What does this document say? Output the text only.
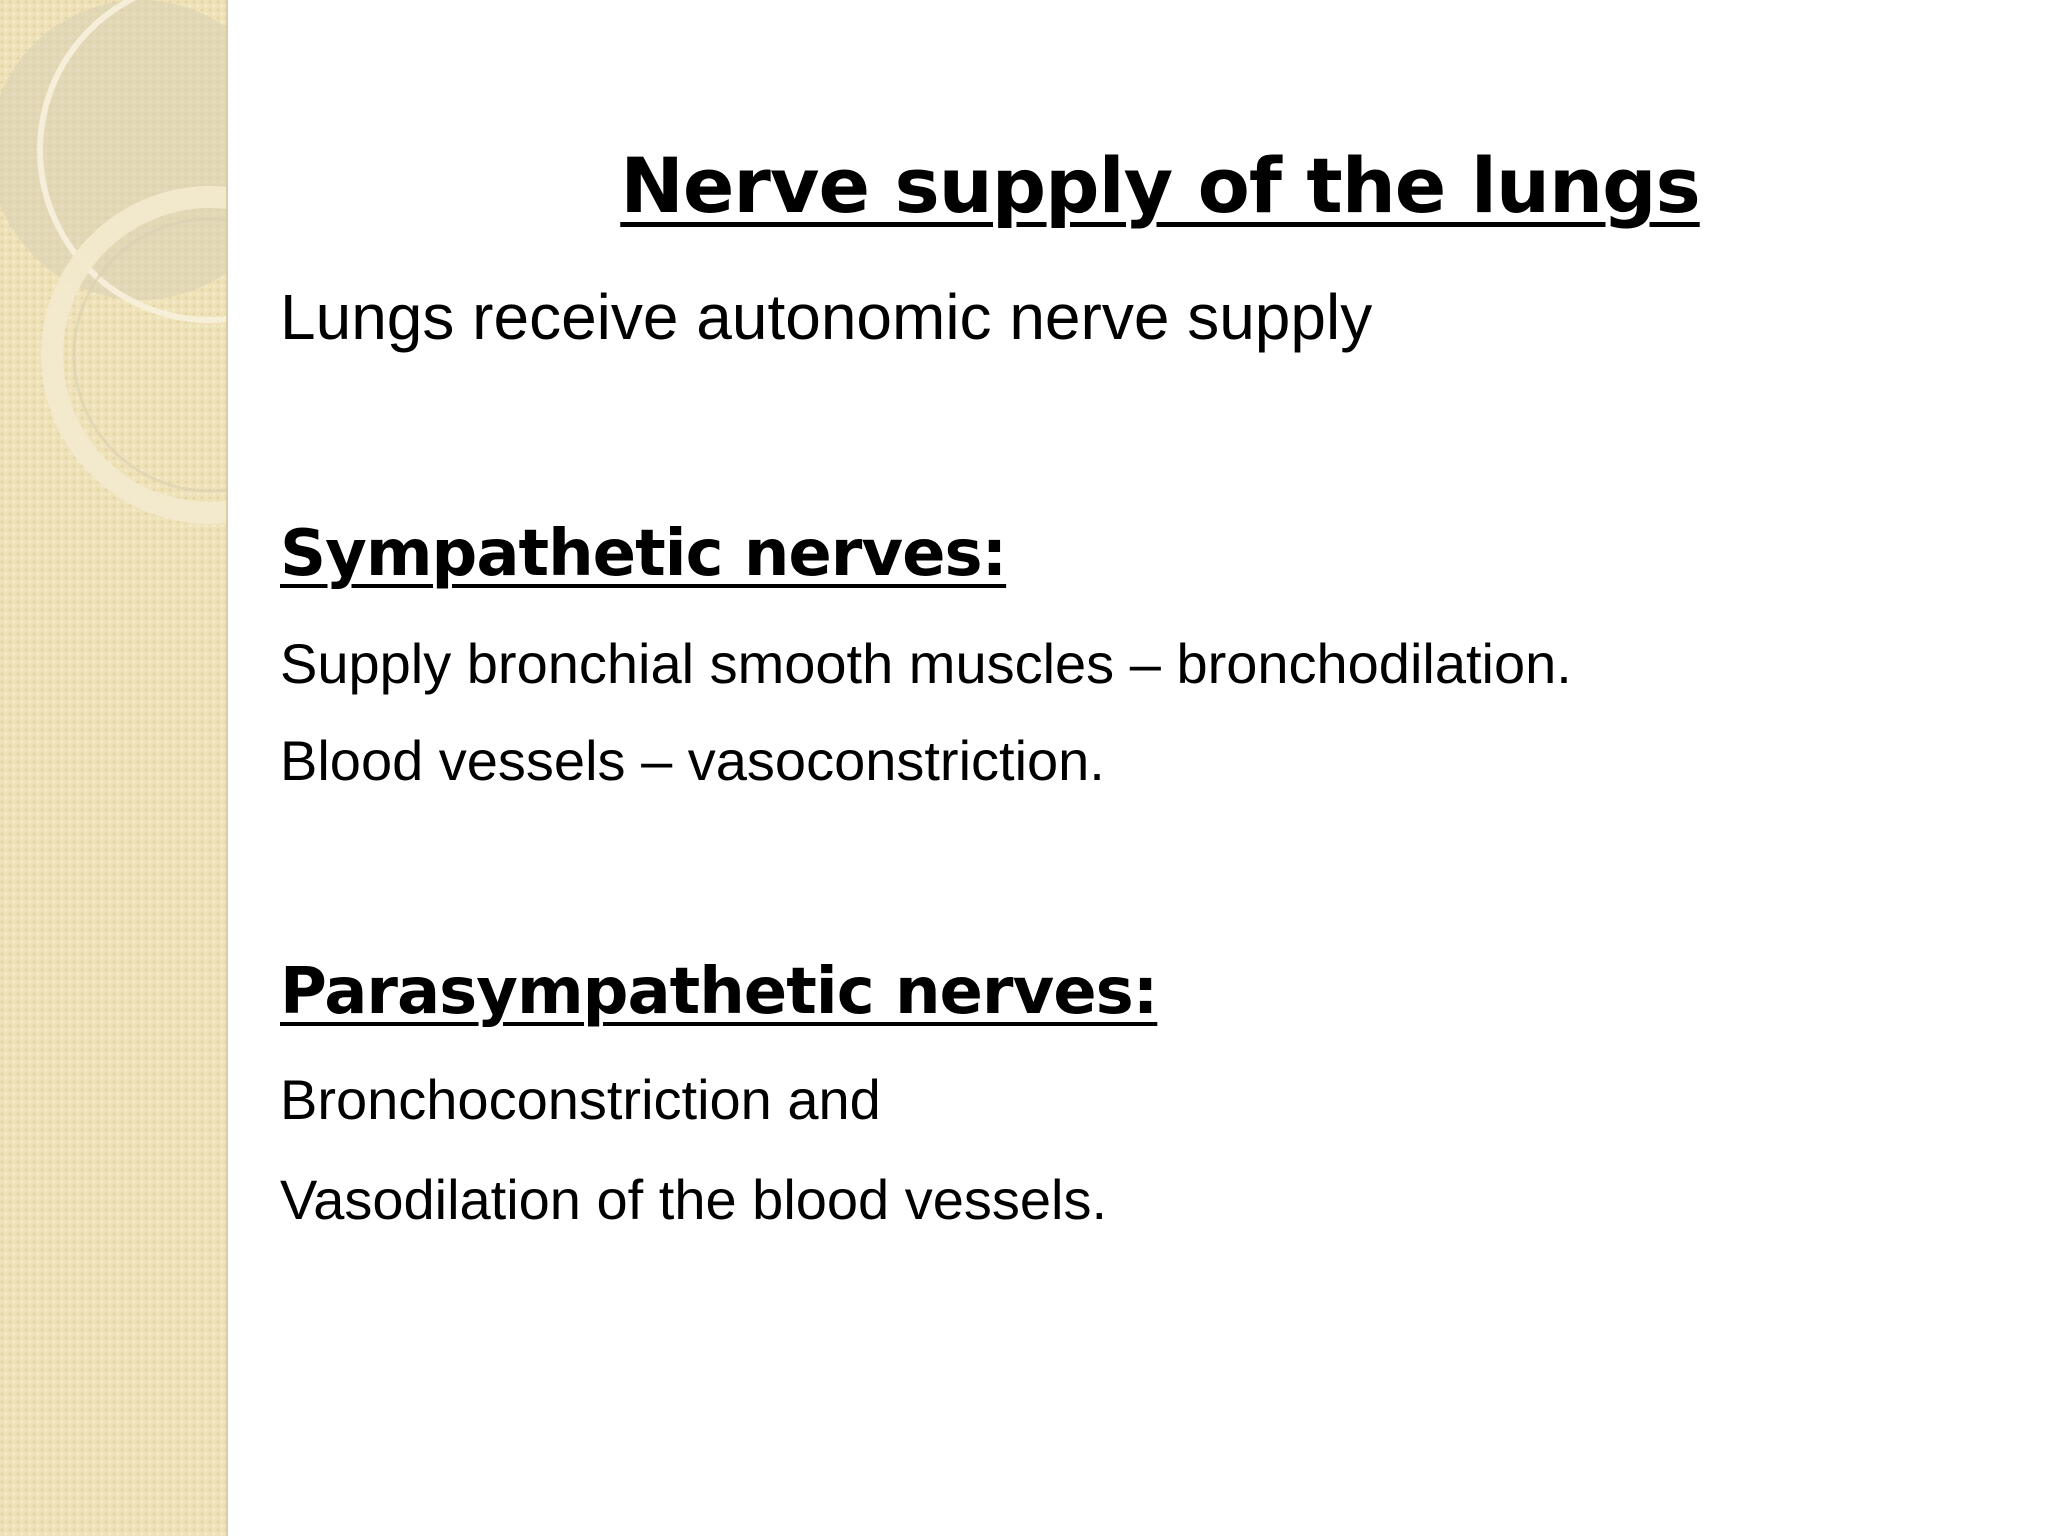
Nerve supply of the lungs
Lungs receive autonomic nerve supply
Sympathetic nerves:
Supply bronchial smooth muscles – bronchodilation.
Blood vessels – vasoconstriction.
Parasympathetic nerves:
Bronchoconstriction and
Vasodilation of the blood vessels.
